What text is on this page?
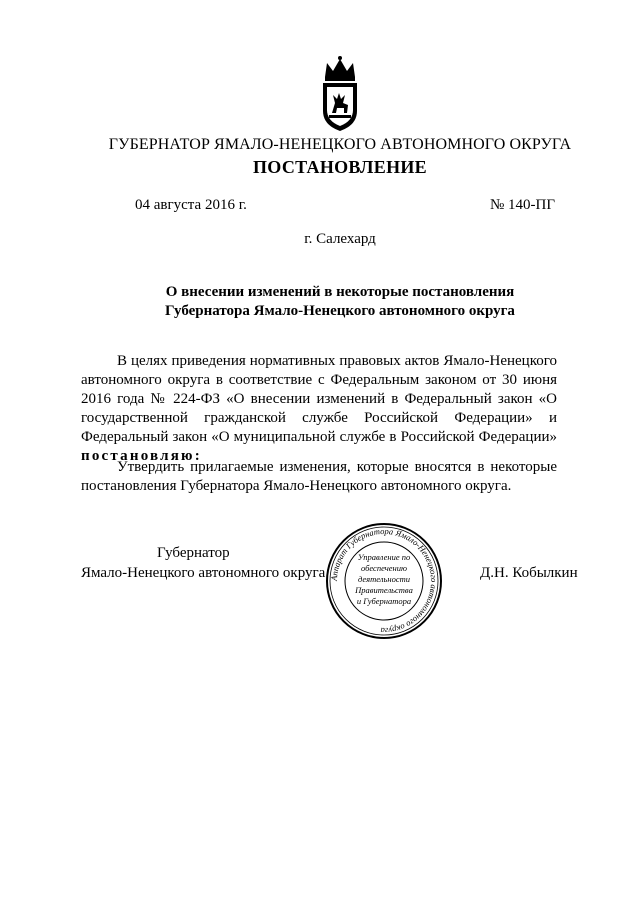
ГУБЕРНАТОР ЯМАЛО-НЕНЕЦКОГО АВТОНОМНОГО ОКРУГА
ПОСТАНОВЛЕНИЕ
04 августа 2016 г.	№ 140-ПГ
г. Салехард
О внесении изменений в некоторые постановления
Губернатора Ямало-Ненецкого автономного округа

В целях приведения нормативных правовых актов Ямало-Ненецкого автономного округа в соответствие с Федеральным законом от 30 июня 2016 года № 224-ФЗ «О внесении изменений в Федеральный закон «О государственной гражданской службе Российской Федерации» и Федеральный закон «О муниципальной службе в Российской Федерации» постановляю:

Утвердить прилагаемые изменения, которые вносятся в некоторые постановления Губернатора Ямало-Ненецкого автономного округа.

Губернатор
Ямало-Ненецкого автономного округа	Д.Н. Кобылкин
Аппарат Губернатора Ямало-Ненецкого автономного округа
Управление по
обеспечению
деятельности
Правительства
и Губернатора
